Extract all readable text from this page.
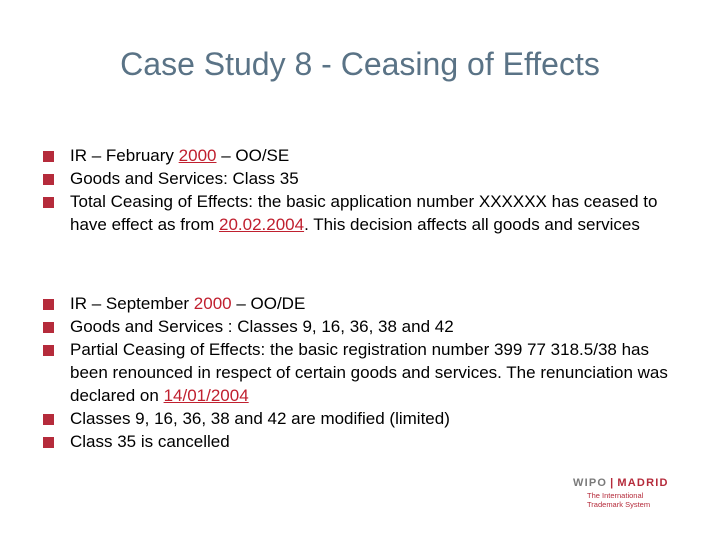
Case Study 8 - Ceasing of Effects
IR – February 2000 – OO/SE
Goods and Services: Class 35
Total Ceasing of Effects: the basic application number XXXXXX has ceased to have effect as from 20.02.2004. This decision affects all goods and services
IR – September 2000 – OO/DE
Goods and Services : Classes 9, 16, 36, 38 and 42
Partial Ceasing of Effects: the basic registration number 399 77 318.5/38 has been renounced in respect of certain goods and services. The renunciation was declared on 14/01/2004
Classes 9, 16, 36, 38 and 42 are modified (limited)
Class 35 is cancelled
WIPO | MADRID
The International
Trademark System
